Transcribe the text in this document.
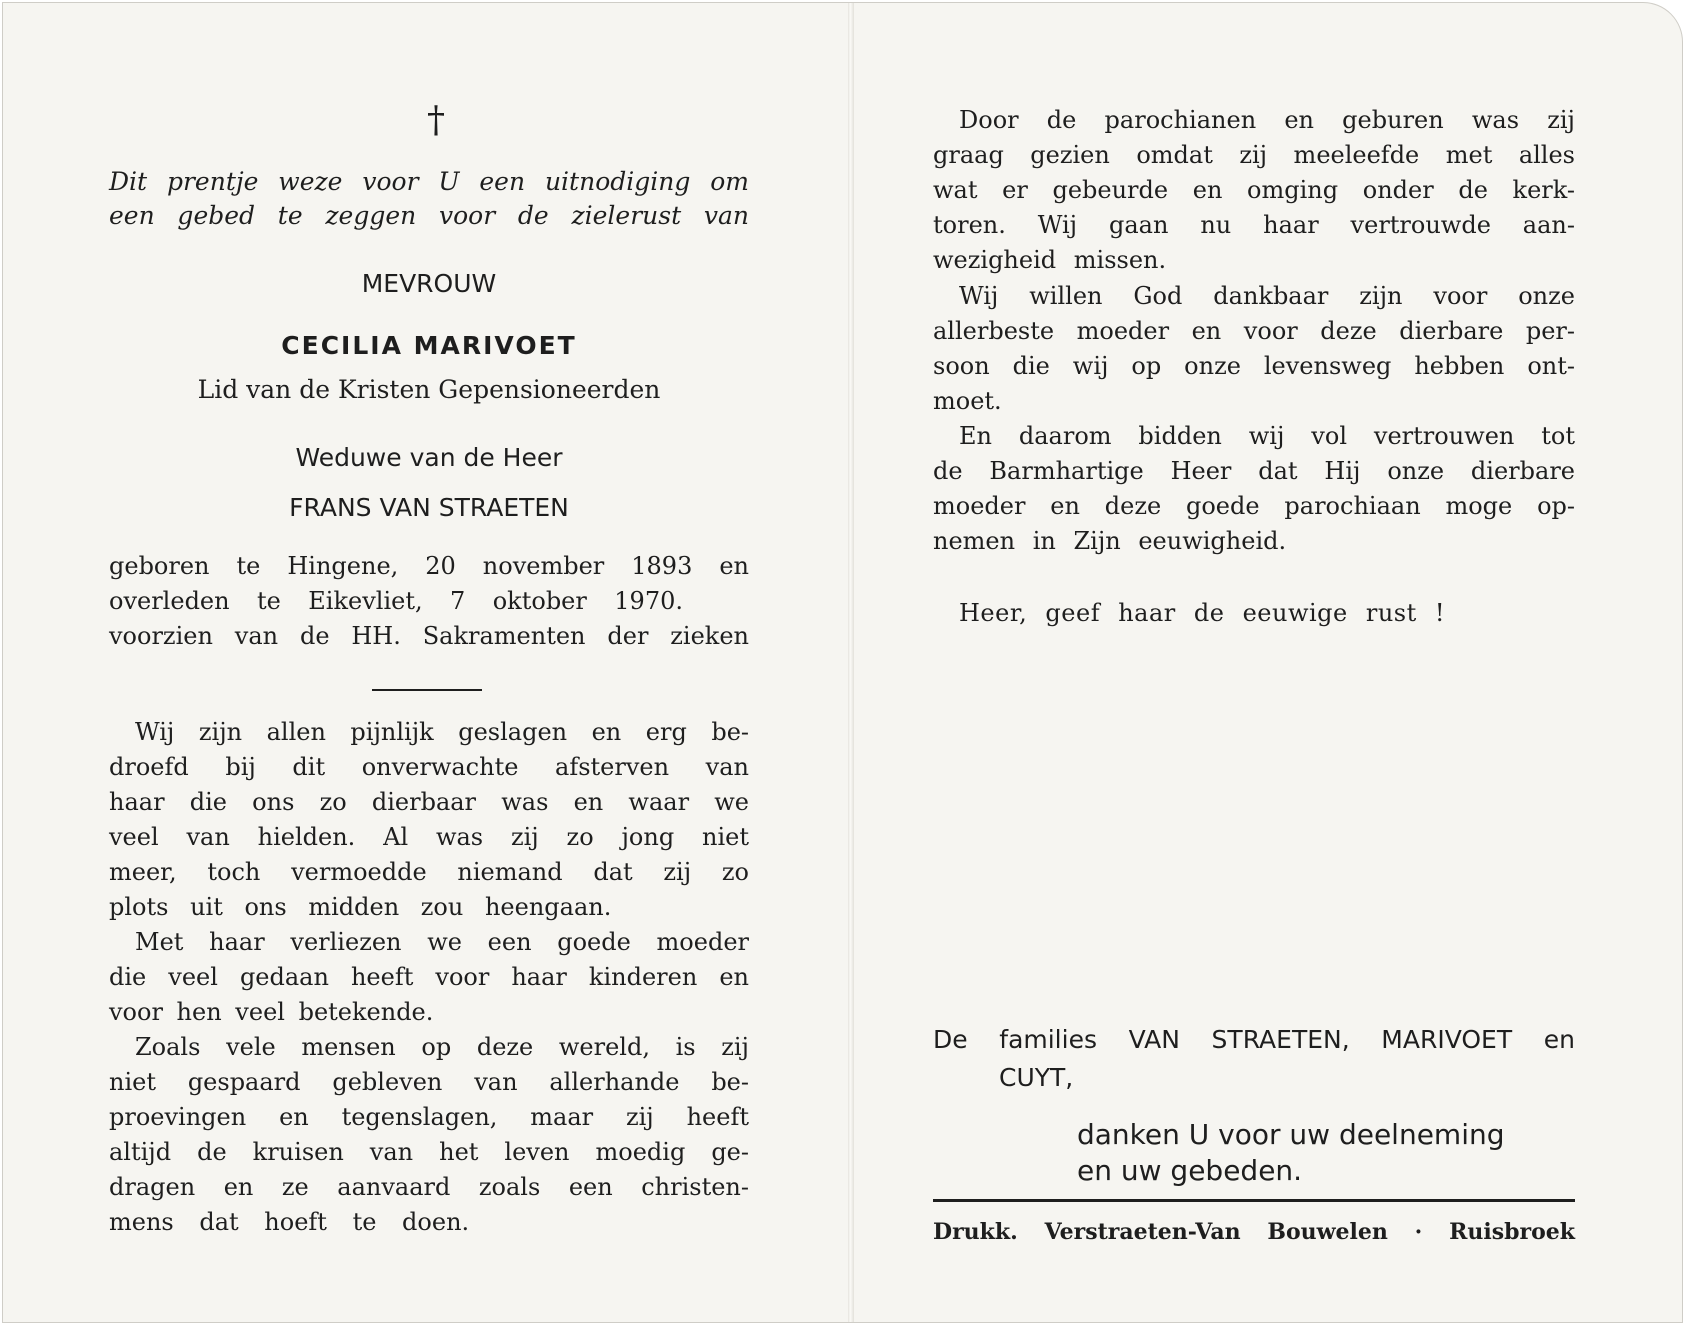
†
Dit prentje weze voor U een uitnodiging om
een gebed te zeggen voor de zielerust van
MEVROUW
CECILIA MARIVOET
Lid van de Kristen Gepensioneerden
Weduwe van de Heer
FRANS VAN STRAETEN
geboren te Hingene, 20 november 1893 en
overleden te Eikevliet, 7 oktober 1970.
voorzien van de HH. Sakramenten der zieken
Wij zijn allen pijnlijk geslagen en erg be-
droefd bij dit onverwachte afsterven van
haar die ons zo dierbaar was en waar we
veel van hielden. Al was zij zo jong niet
meer, toch vermoedde niemand dat zij zo
plots uit ons midden zou heengaan.
Met haar verliezen we een goede moeder
die veel gedaan heeft voor haar kinderen en
voor hen veel betekende.
Zoals vele mensen op deze wereld, is zij
niet gespaard gebleven van allerhande be-
proevingen en tegenslagen, maar zij heeft
altijd de kruisen van het leven moedig ge-
dragen en ze aanvaard zoals een christen-
mens dat hoeft te doen.
Door de parochianen en geburen was zij
graag gezien omdat zij meeleefde met alles
wat er gebeurde en omging onder de kerk-
toren. Wij gaan nu haar vertrouwde aan-
wezigheid missen.
Wij willen God dankbaar zijn voor onze
allerbeste moeder en voor deze dierbare per-
soon die wij op onze levensweg hebben ont-
moet.
En daarom bidden wij vol vertrouwen tot
de Barmhartige Heer dat Hij onze dierbare
moeder en deze goede parochiaan moge op-
nemen in Zijn eeuwigheid.
Heer, geef haar de eeuwige rust !
De families VAN STRAETEN, MARIVOET en
CUYT,
danken U voor uw deelneming
en uw gebeden.
Drukk. Verstraeten-Van Bouwelen · Ruisbroek
